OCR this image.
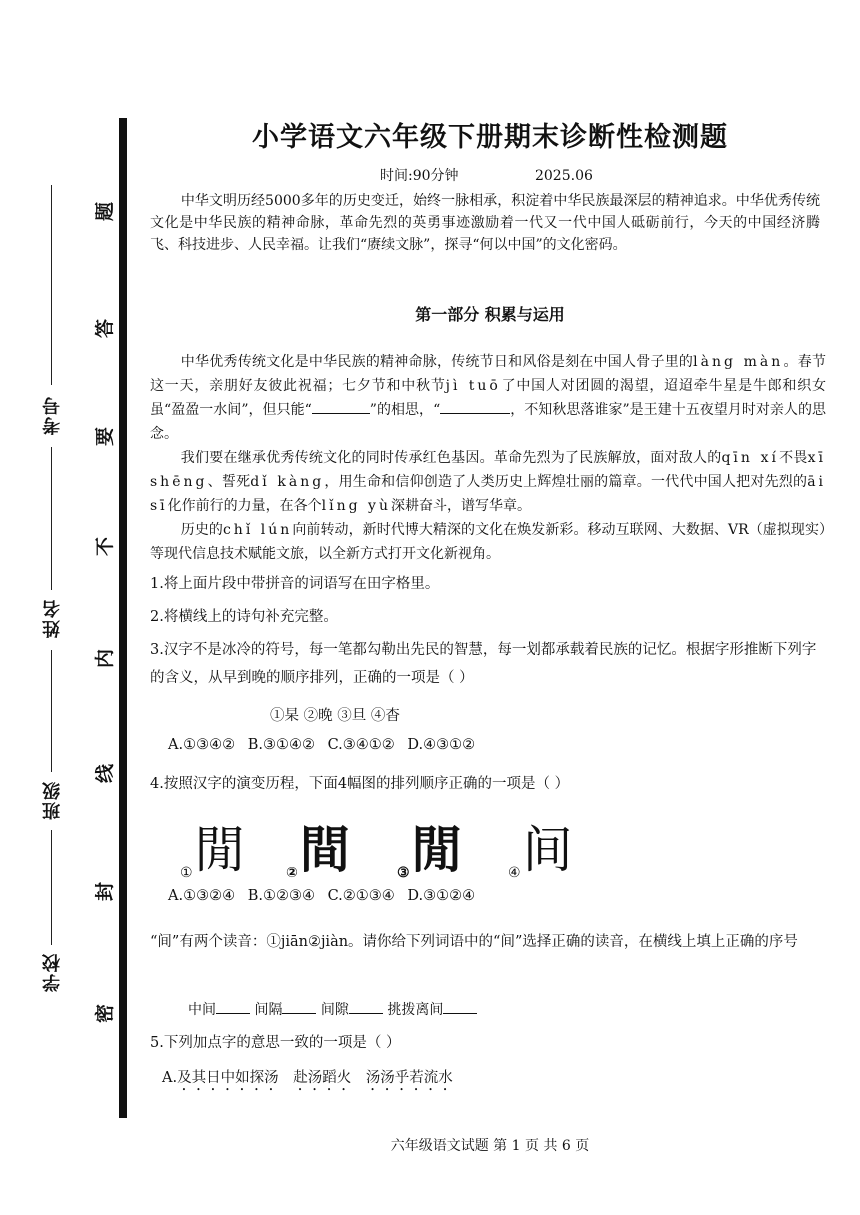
考号
姓名
班级
学校
题
答
要
不
内
线
封
密
小学语文六年级下册期末诊断性检测题
时间:90分钟	2025.06
中华文明历经5000多年的历史变迁，始终一脉相承，积淀着中华民族最深层的精神追求。中华优秀传统文化是中华民族的精神命脉，革命先烈的英勇事迹激励着一代又一代中国人砥砺前行，今天的中国经济腾飞、科技进步、人民幸福。让我们“赓续文脉”，探寻“何以中国”的文化密码。
第一部分 积累与运用

中华优秀传统文化是中华民族的精神命脉，传统节日和风俗是刻在中国人骨子里的làng màn。春节这一天，亲朋好友彼此祝福；七夕节和中秋节jì tuō了中国人对团圆的渴望，迢迢牵牛星是牛郎和织女虽“盈盈一水间”，但只能“	”的相思，“	，不知秋思落谁家”是王建十五夜望月时对亲人的思念。

我们要在继承优秀传统文化的同时传承红色基因。革命先烈为了民族解放，面对敌人的qīn xí不畏xī shēng、誓死dǐ kàng，用生命和信仰创造了人类历史上辉煌壮丽的篇章。一代代中国人把对先烈的āi sī化作前行的力量，在各个lǐng yù深耕奋斗，谱写华章。

历史的chǐ lún向前转动，新时代博大精深的文化在焕发新彩。移动互联网、大数据、VR（虚拟现实）等现代信息技术赋能文旅，以全新方式打开文化新视角。

1.将上面片段中带拼音的词语写在田字格里。
2.将横线上的诗句补充完整。
3.汉字不是冰冷的符号，每一笔都勾勒出先民的智慧，每一划都承载着民族的记忆。根据字形推断下列字的含义，从早到晚的顺序排列，正确的一项是（ ）
①杲 ②晚 ③旦 ④杳
A.①③④② B.③①④② C.③④①② D.④③①②
4.按照汉字的演变历程，下面4幅图的排列顺序正确的一项是（ ）
$_①$閒	$_②$間	$_③$閒	$_④$间
A.①③②④ B.①②③④ C.②①③④ D.③①②④
“间”有两个读音：①jiān②jiàn。请你给下列词语中的“间”选择正确的读音，在横线上填上正确的序号
中间	间隔	间隙	挑拨离间
5.下列加点字的意思一致的一项是（ ）
A.及其日中如探汤 赴汤蹈火 汤汤乎若流水
六年级语文试题 第 1 页 共 6 页
